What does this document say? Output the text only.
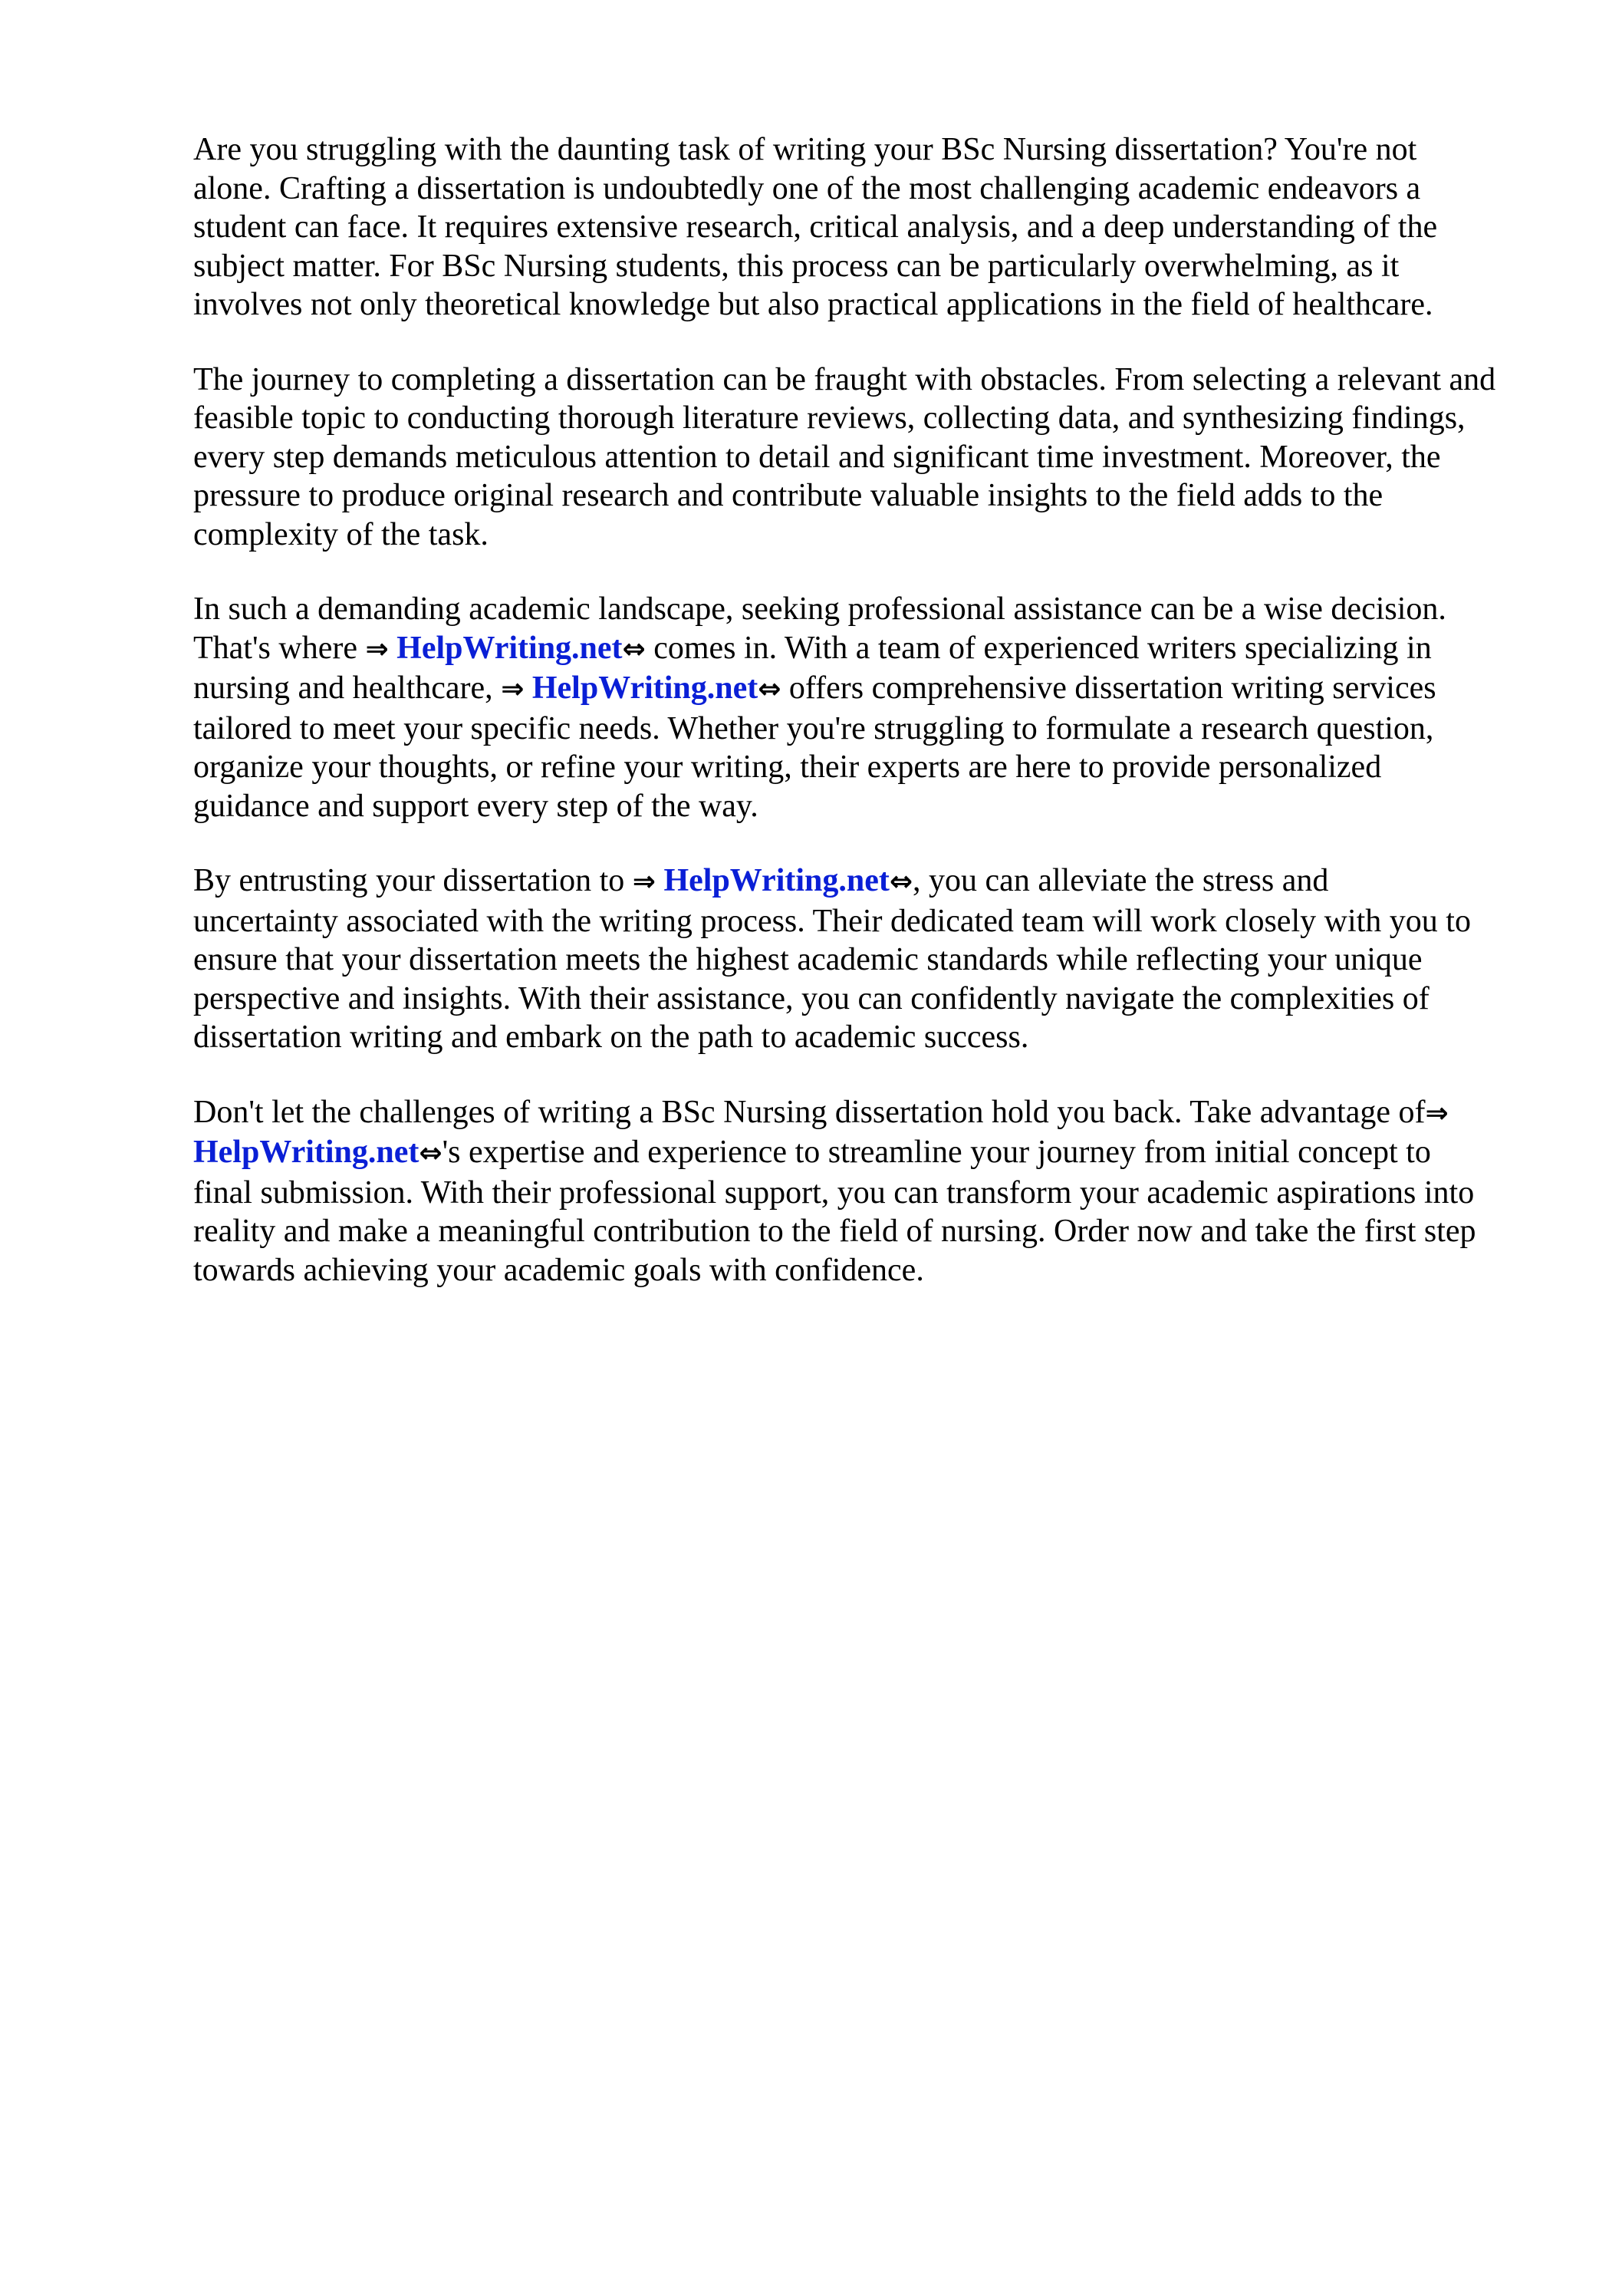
Are you struggling with the daunting task of writing your BSc Nursing dissertation? You're not
alone. Crafting a dissertation is undoubtedly one of the most challenging academic endeavors a
student can face. It requires extensive research, critical analysis, and a deep understanding of the
subject matter. For BSc Nursing students, this process can be particularly overwhelming, as it
involves not only theoretical knowledge but also practical applications in the field of healthcare.

The journey to completing a dissertation can be fraught with obstacles. From selecting a relevant and
feasible topic to conducting thorough literature reviews, collecting data, and synthesizing findings,
every step demands meticulous attention to detail and significant time investment. Moreover, the
pressure to produce original research and contribute valuable insights to the field adds to the
complexity of the task.

In such a demanding academic landscape, seeking professional assistance can be a wise decision.
That's where ⇒ HelpWriting.net⇔ comes in. With a team of experienced writers specializing in
nursing and healthcare, ⇒ HelpWriting.net⇔ offers comprehensive dissertation writing services
tailored to meet your specific needs. Whether you're struggling to formulate a research question,
organize your thoughts, or refine your writing, their experts are here to provide personalized
guidance and support every step of the way.

By entrusting your dissertation to ⇒ HelpWriting.net⇔, you can alleviate the stress and
uncertainty associated with the writing process. Their dedicated team will work closely with you to
ensure that your dissertation meets the highest academic standards while reflecting your unique
perspective and insights. With their assistance, you can confidently navigate the complexities of
dissertation writing and embark on the path to academic success.

Don't let the challenges of writing a BSc Nursing dissertation hold you back. Take advantage of⇒
HelpWriting.net⇔'s expertise and experience to streamline your journey from initial concept to
final submission. With their professional support, you can transform your academic aspirations into
reality and make a meaningful contribution to the field of nursing. Order now and take the first step
towards achieving your academic goals with confidence.
